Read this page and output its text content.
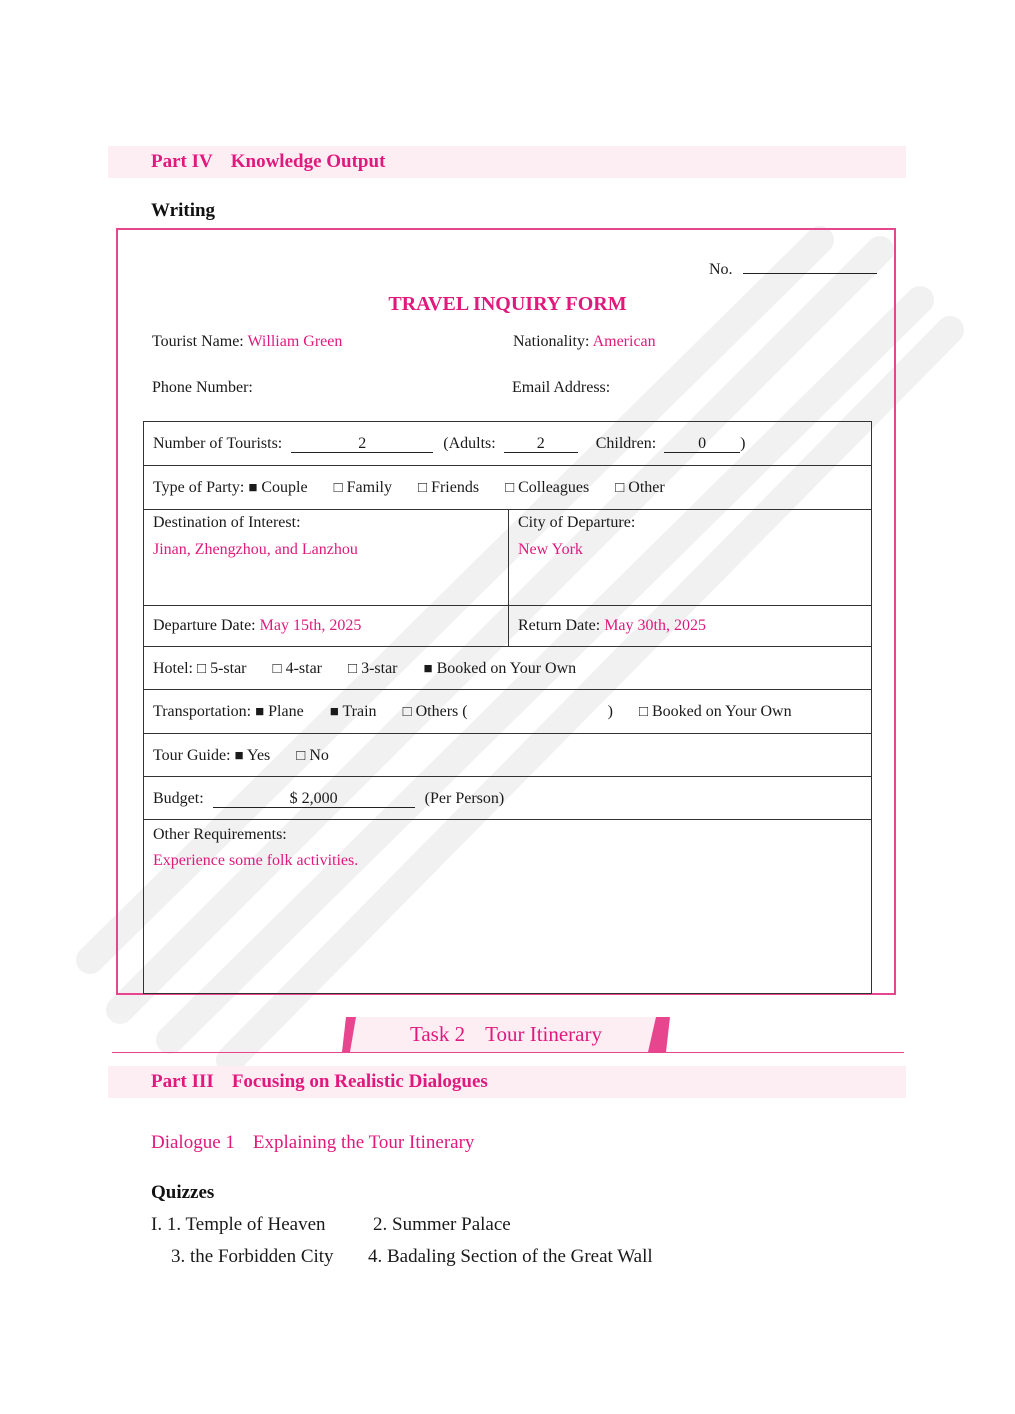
Part IV Knowledge Output
Writing
No.
TRAVEL INQUIRY FORM
Tourist Name: William Green	Nationality: American
Phone Number:	Email Address:
Number of Tourists:	2	(Adults:	2	Children:	0 )
Type of Party: ■ Couple □ Family □ Friends □ Colleagues □ Other
Destination of Interest:
Jinan, Zhengzhou, and Lanzhou
City of Departure:
New York
Departure Date: May 15th, 2025	Return Date: May 30th, 2025
Hotel: □ 5-star □ 4-star □ 3-star ■ Booked on Your Own
Transportation: ■ Plane ■ Train □ Others (	) □ Booked on Your Own
Tour Guide: ■ Yes □ No
Budget:	$ 2,000	(Per Person)
Other Requirements:
Experience some folk activities.
Task 2 Tour Itinerary
Part III Focusing on Realistic Dialogues
Dialogue 1 Explaining the Tour Itinerary
Quizzes
I. 1. Temple of Heaven 2. Summer Palace
3. the Forbidden City 4. Badaling Section of the Great Wall
